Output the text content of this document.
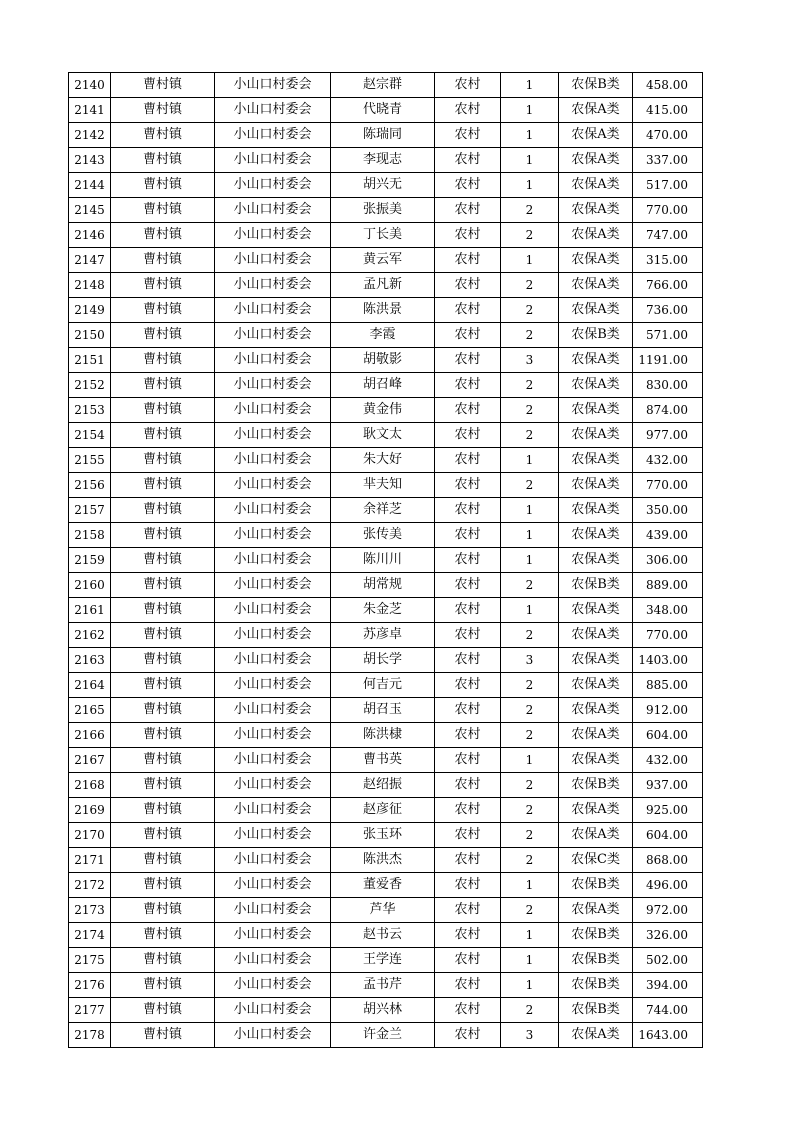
2140	曹村镇	小山口村委会	赵宗群	农村	1	农保B类	458.00
2141	曹村镇	小山口村委会	代晓青	农村	1	农保A类	415.00
2142	曹村镇	小山口村委会	陈瑞同	农村	1	农保A类	470.00
2143	曹村镇	小山口村委会	李现志	农村	1	农保A类	337.00
2144	曹村镇	小山口村委会	胡兴无	农村	1	农保A类	517.00
2145	曹村镇	小山口村委会	张振美	农村	2	农保A类	770.00
2146	曹村镇	小山口村委会	丁长美	农村	2	农保A类	747.00
2147	曹村镇	小山口村委会	黄云军	农村	1	农保A类	315.00
2148	曹村镇	小山口村委会	孟凡新	农村	2	农保A类	766.00
2149	曹村镇	小山口村委会	陈洪景	农村	2	农保A类	736.00
2150	曹村镇	小山口村委会	李霞	农村	2	农保B类	571.00
2151	曹村镇	小山口村委会	胡敬影	农村	3	农保A类	1191.00
2152	曹村镇	小山口村委会	胡召峰	农村	2	农保A类	830.00
2153	曹村镇	小山口村委会	黄金伟	农村	2	农保A类	874.00
2154	曹村镇	小山口村委会	耿文太	农村	2	农保A类	977.00
2155	曹村镇	小山口村委会	朱大好	农村	1	农保A类	432.00
2156	曹村镇	小山口村委会	芈夫知	农村	2	农保A类	770.00
2157	曹村镇	小山口村委会	余祥芝	农村	1	农保A类	350.00
2158	曹村镇	小山口村委会	张传美	农村	1	农保A类	439.00
2159	曹村镇	小山口村委会	陈川川	农村	1	农保A类	306.00
2160	曹村镇	小山口村委会	胡常规	农村	2	农保B类	889.00
2161	曹村镇	小山口村委会	朱金芝	农村	1	农保A类	348.00
2162	曹村镇	小山口村委会	苏彦卓	农村	2	农保A类	770.00
2163	曹村镇	小山口村委会	胡长学	农村	3	农保A类	1403.00
2164	曹村镇	小山口村委会	何吉元	农村	2	农保A类	885.00
2165	曹村镇	小山口村委会	胡召玉	农村	2	农保A类	912.00
2166	曹村镇	小山口村委会	陈洪棣	农村	2	农保A类	604.00
2167	曹村镇	小山口村委会	曹书英	农村	1	农保A类	432.00
2168	曹村镇	小山口村委会	赵绍振	农村	2	农保B类	937.00
2169	曹村镇	小山口村委会	赵彦征	农村	2	农保A类	925.00
2170	曹村镇	小山口村委会	张玉环	农村	2	农保A类	604.00
2171	曹村镇	小山口村委会	陈洪杰	农村	2	农保C类	868.00
2172	曹村镇	小山口村委会	董爱香	农村	1	农保B类	496.00
2173	曹村镇	小山口村委会	芦华	农村	2	农保A类	972.00
2174	曹村镇	小山口村委会	赵书云	农村	1	农保B类	326.00
2175	曹村镇	小山口村委会	王学连	农村	1	农保B类	502.00
2176	曹村镇	小山口村委会	孟书芹	农村	1	农保B类	394.00
2177	曹村镇	小山口村委会	胡兴林	农村	2	农保B类	744.00
2178	曹村镇	小山口村委会	许金兰	农村	3	农保A类	1643.00
